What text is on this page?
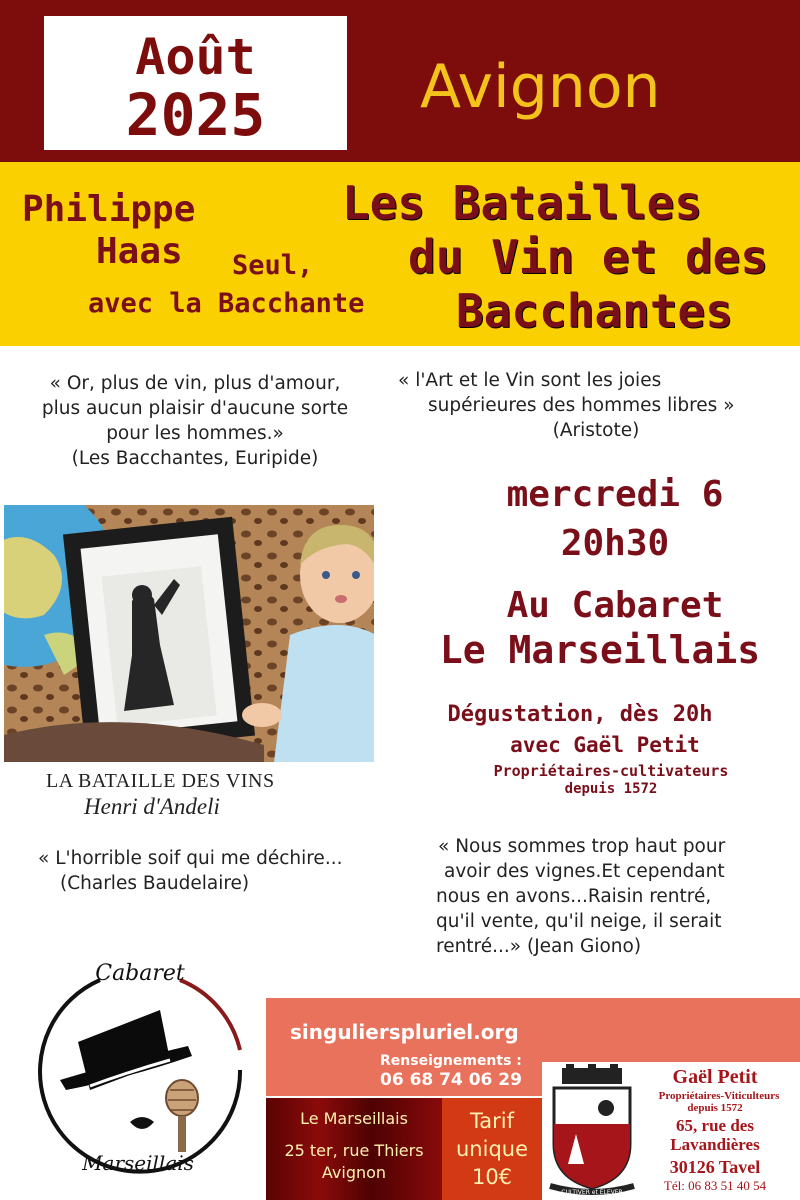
Août
2025	Avignon
Philippe
Haas Seul,
avec la Bacchante
Les Batailles
du Vin et des
Bacchantes
« Or, plus de vin, plus d'amour,
plus aucun plaisir d'aucune sorte
pour les hommes.»
(Les Bacchantes, Euripide)
« l'Art et le Vin sont les joies
supérieures des hommes libres »
(Aristote)
LA BATAILLE DES VINS
Henri d'Andeli
mercredi 6
20h30
Au Cabaret
Le Marseillais
Dégustation, dès 20h
avec Gaël Petit
Propriétaires-cultivateurs
depuis 1572
« L'horrible soif qui me déchire...
(Charles Baudelaire)
« Nous sommes trop haut pour
avoir des vignes.Et cependant
nous en avons...Raisin rentré,
qu'il vente, qu'il neige, il serait
rentré...» (Jean Giono)
Cabaret
Marseillais
singulierspluriel.org
Renseignements :
06 68 74 06 29
Le Marseillais
25 ter, rue Thiers
Avignon
Tarif
unique
10€
CULTIVER et ÉLEVER
Gaël Petit
Propriétaires-Viticulteurs
depuis 1572
65, rue des
Lavandières
30126 Tavel
Tél: 06 83 51 40 54
